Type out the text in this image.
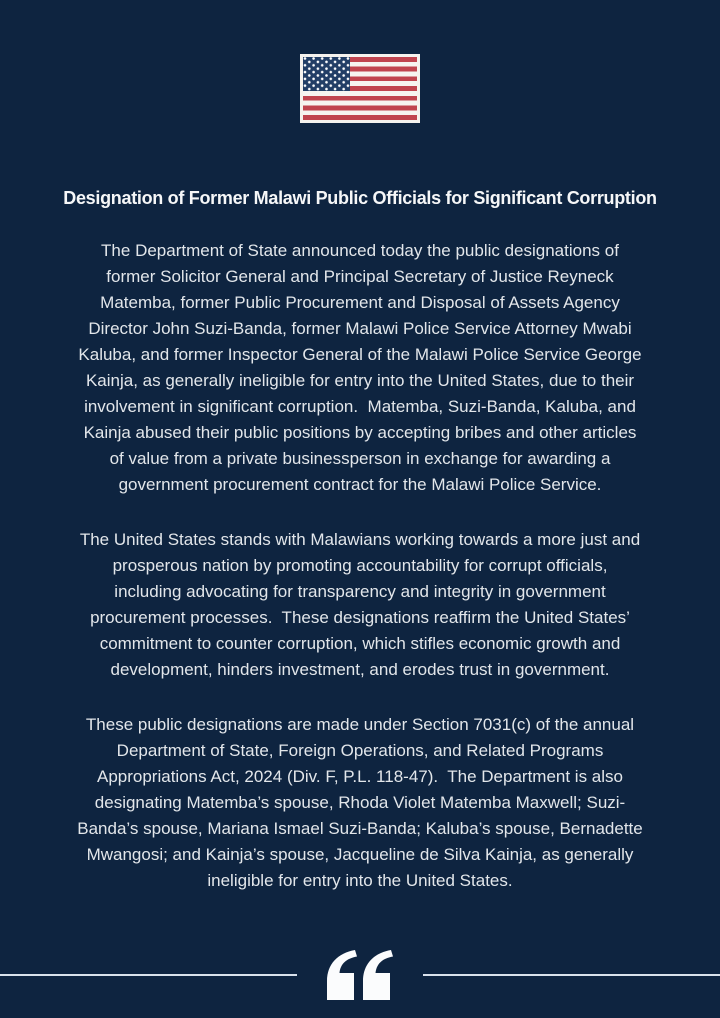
Designation of Former Malawi Public Officials for Significant Corruption
The Department of State announced today the public designations of
former Solicitor General and Principal Secretary of Justice Reyneck
Matemba, former Public Procurement and Disposal of Assets Agency
Director John Suzi-Banda, former Malawi Police Service Attorney Mwabi
Kaluba, and former Inspector General of the Malawi Police Service George
Kainja, as generally ineligible for entry into the United States, due to their
involvement in significant corruption.  Matemba, Suzi-Banda, Kaluba, and
Kainja abused their public positions by accepting bribes and other articles
of value from a private businessperson in exchange for awarding a
government procurement contract for the Malawi Police Service.
The United States stands with Malawians working towards a more just and
prosperous nation by promoting accountability for corrupt officials,
including advocating for transparency and integrity in government
procurement processes.  These designations reaffirm the United States’
commitment to counter corruption, which stifles economic growth and
development, hinders investment, and erodes trust in government.
These public designations are made under Section 7031(c) of the annual
Department of State, Foreign Operations, and Related Programs
Appropriations Act, 2024 (Div. F, P.L. 118-47).  The Department is also
designating Matemba’s spouse, Rhoda Violet Matemba Maxwell; Suzi-
Banda’s spouse, Mariana Ismael Suzi-Banda; Kaluba’s spouse, Bernadette
Mwangosi; and Kainja’s spouse, Jacqueline de Silva Kainja, as generally
ineligible for entry into the United States.
